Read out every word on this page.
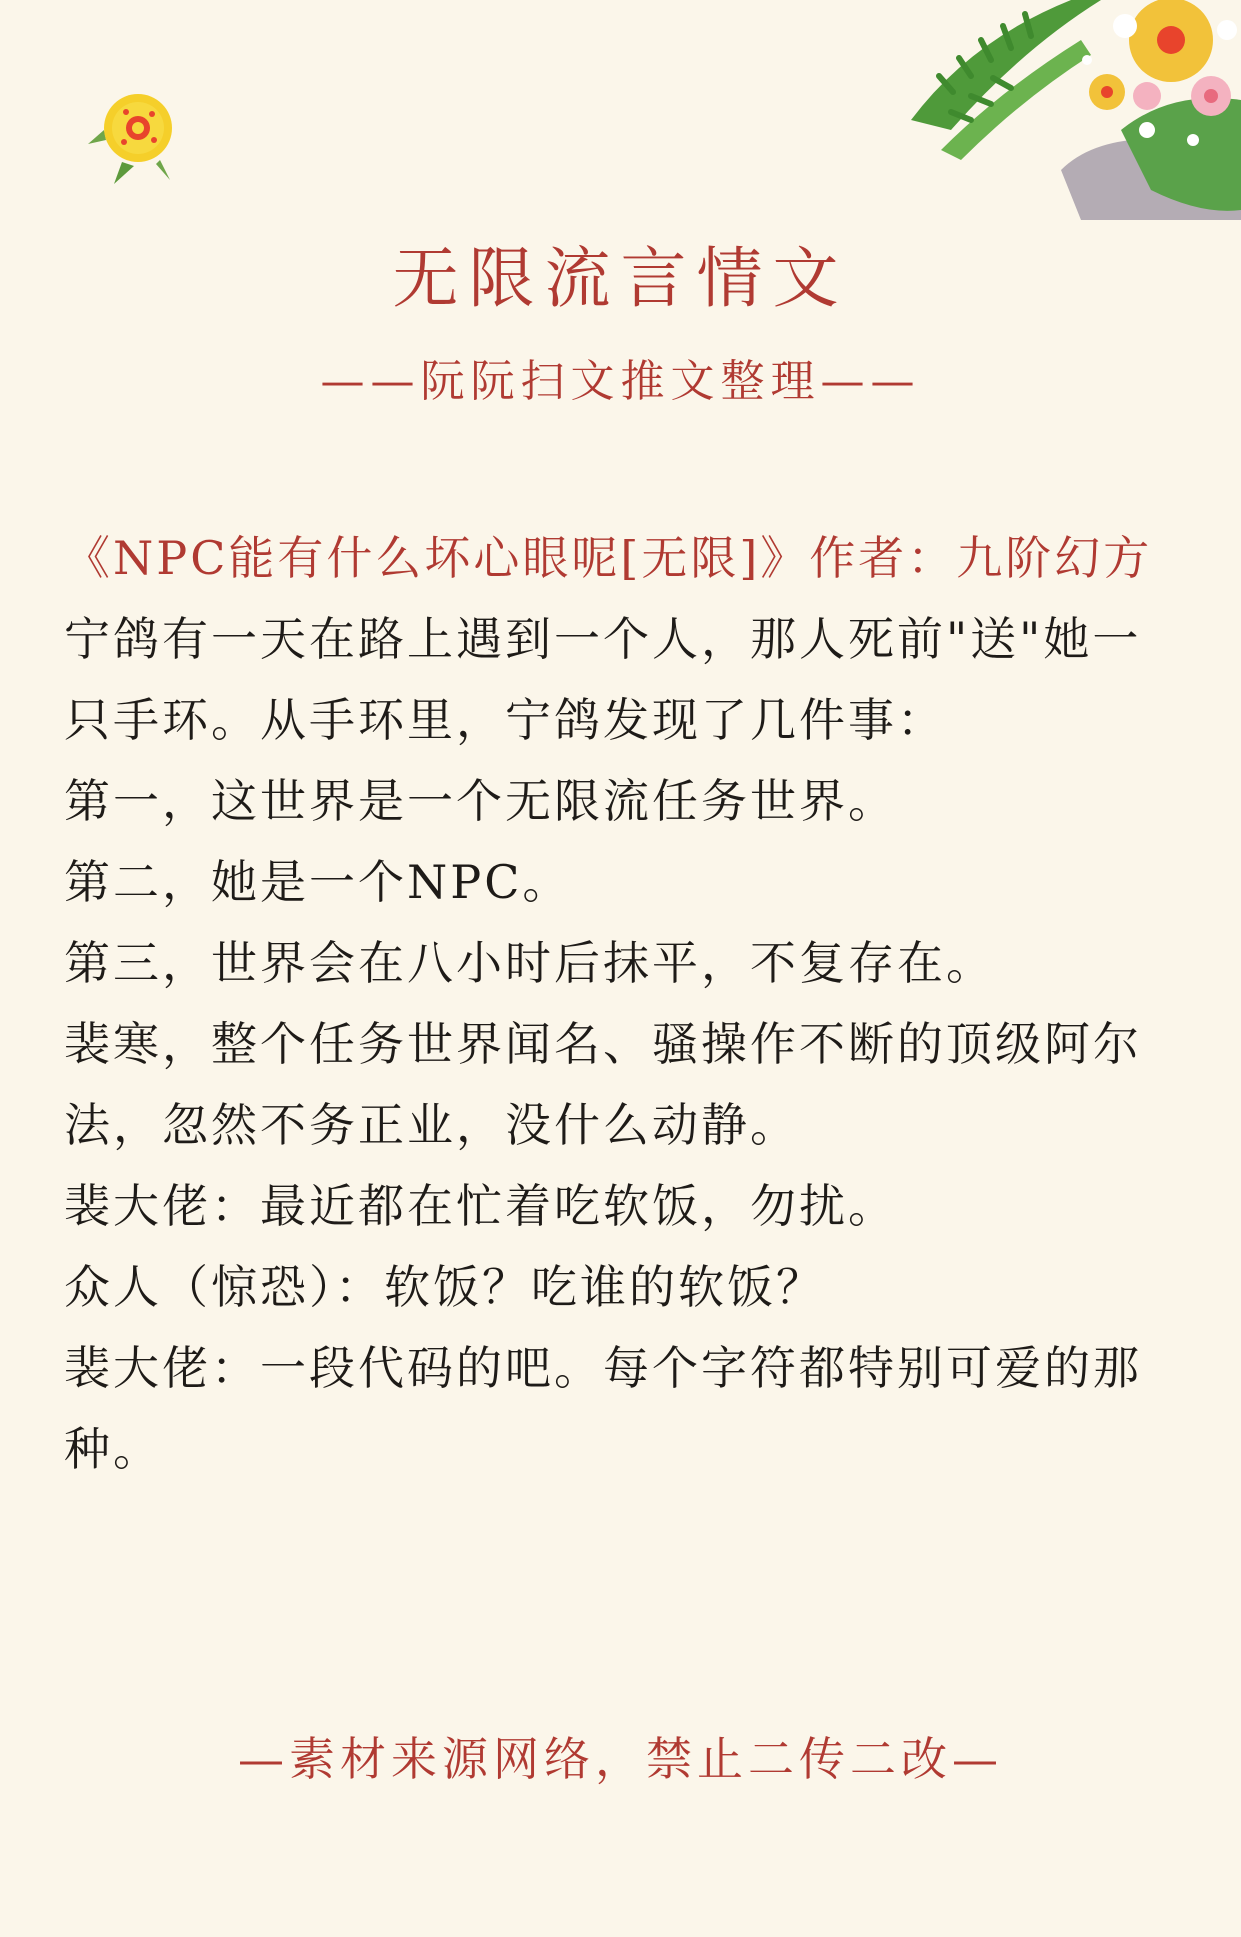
无限流言情文
——阮阮扫文推文整理——

《NPC能有什么坏心眼呢[无限]》作者：九阶幻方

宁鸽有一天在路上遇到一个人，那人死前"送"她一只手环。从手环里，宁鸽发现了几件事：

第一，这世界是一个无限流任务世界。

第二，她是一个NPC。

第三，世界会在八小时后抹平，不复存在。

裴寒，整个任务世界闻名、骚操作不断的顶级阿尔法，忽然不务正业，没什么动静。

裴大佬：最近都在忙着吃软饭，勿扰。

众人（惊恐）：软饭？吃谁的软饭？

裴大佬：一段代码的吧。每个字符都特别可爱的那种。

—素材来源网络，禁止二传二改—
